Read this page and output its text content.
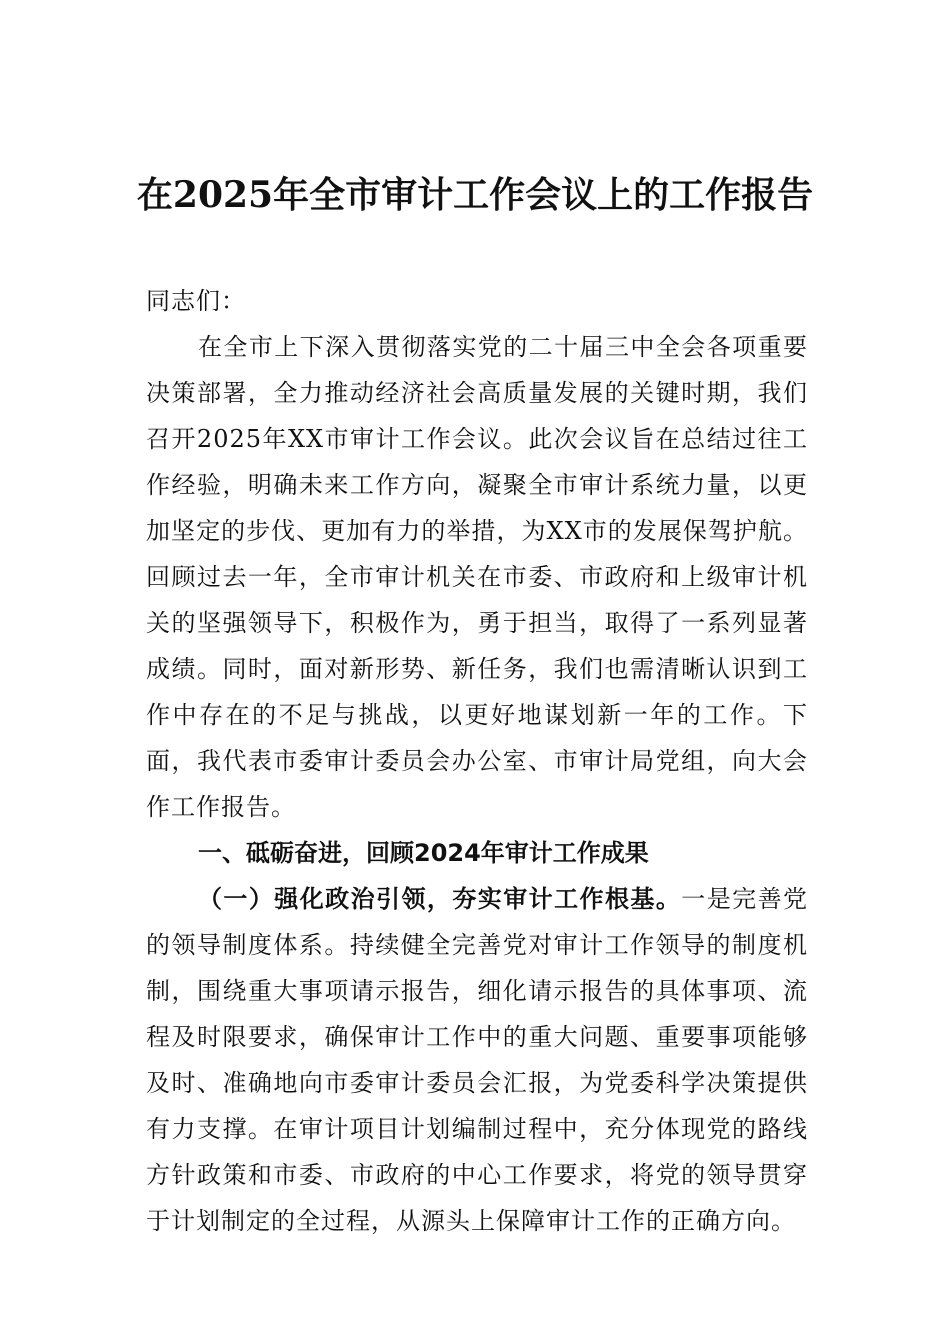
在2025年全市审计工作会议上的工作报告

同志们：

在全市上下深入贯彻落实党的二十届三中全会各项重要决策部署，全力推动经济社会高质量发展的关键时期，我们召开2025年XX市审计工作会议。此次会议旨在总结过往工作经验，明确未来工作方向，凝聚全市审计系统力量，以更加坚定的步伐、更加有力的举措，为XX市的发展保驾护航。回顾过去一年，全市审计机关在市委、市政府和上级审计机关的坚强领导下，积极作为，勇于担当，取得了一系列显著成绩。同时，面对新形势、新任务，我们也需清晰认识到工作中存在的不足与挑战，以更好地谋划新一年的工作。下面，我代表市委审计委员会办公室、市审计局党组，向大会作工作报告。

一、砥砺奋进，回顾2024年审计工作成果

（一）强化政治引领，夯实审计工作根基。一是完善党的领导制度体系。持续健全完善党对审计工作领导的制度机制，围绕重大事项请示报告，细化请示报告的具体事项、流程及时限要求，确保审计工作中的重大问题、重要事项能够及时、准确地向市委审计委员会汇报，为党委科学决策提供有力支撑。在审计项目计划编制过程中，充分体现党的路线方针政策和市委、市政府的中心工作要求，将党的领导贯穿于计划制定的全过程，从源头上保障审计工作的正确方向。
